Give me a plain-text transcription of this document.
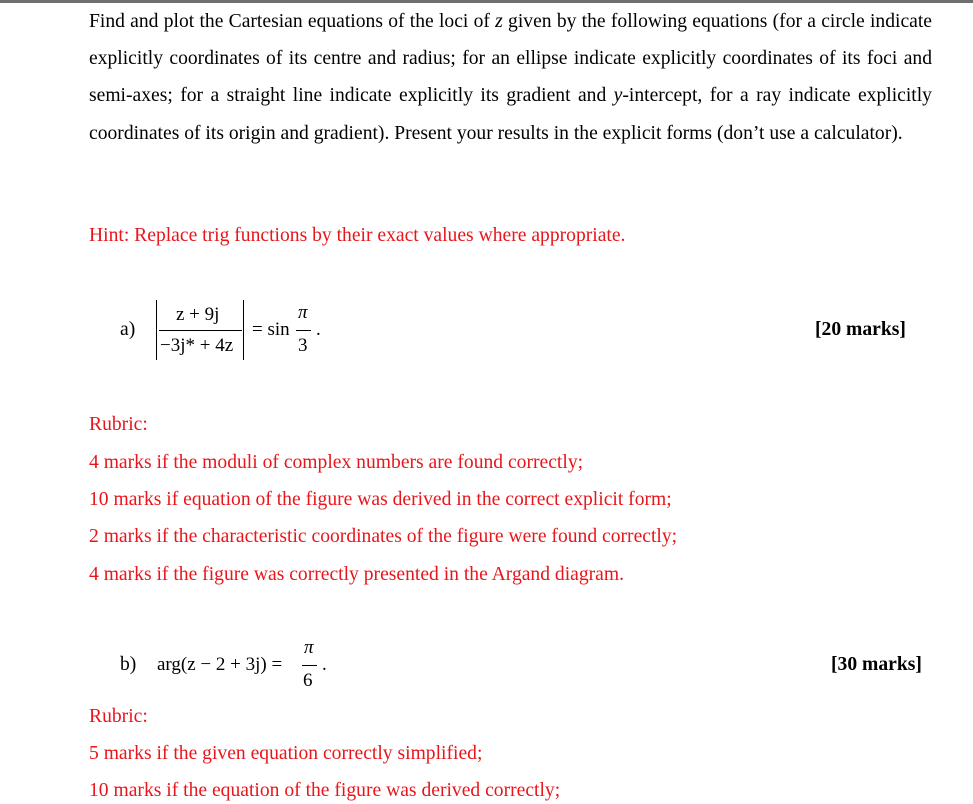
Find and plot the Cartesian equations of the loci of z given by the following equations (for a circle indicate explicitly coordinates of its centre and radius; for an ellipse indicate explicitly coordinates of its foci and semi-axes; for a straight line indicate explicitly its gradient and y-intercept, for a ray indicate explicitly coordinates of its origin and gradient). Present your results in the explicit forms (don’t use a calculator).

Hint: Replace trig functions by their exact values where appropriate.
a)
z + 9j
−3j* + 4z
= sin
π
3
.	[20 marks]
Rubric:
4 marks if the moduli of complex numbers are found correctly;
10 marks if equation of the figure was derived in the correct explicit form;
2 marks if the characteristic coordinates of the figure were found correctly;
4 marks if the figure was correctly presented in the Argand diagram.
b) arg(z − 2 + 3j) =
π
6
.	[30 marks]
Rubric:
5 marks if the given equation correctly simplified;
10 marks if the equation of the figure was derived correctly;
